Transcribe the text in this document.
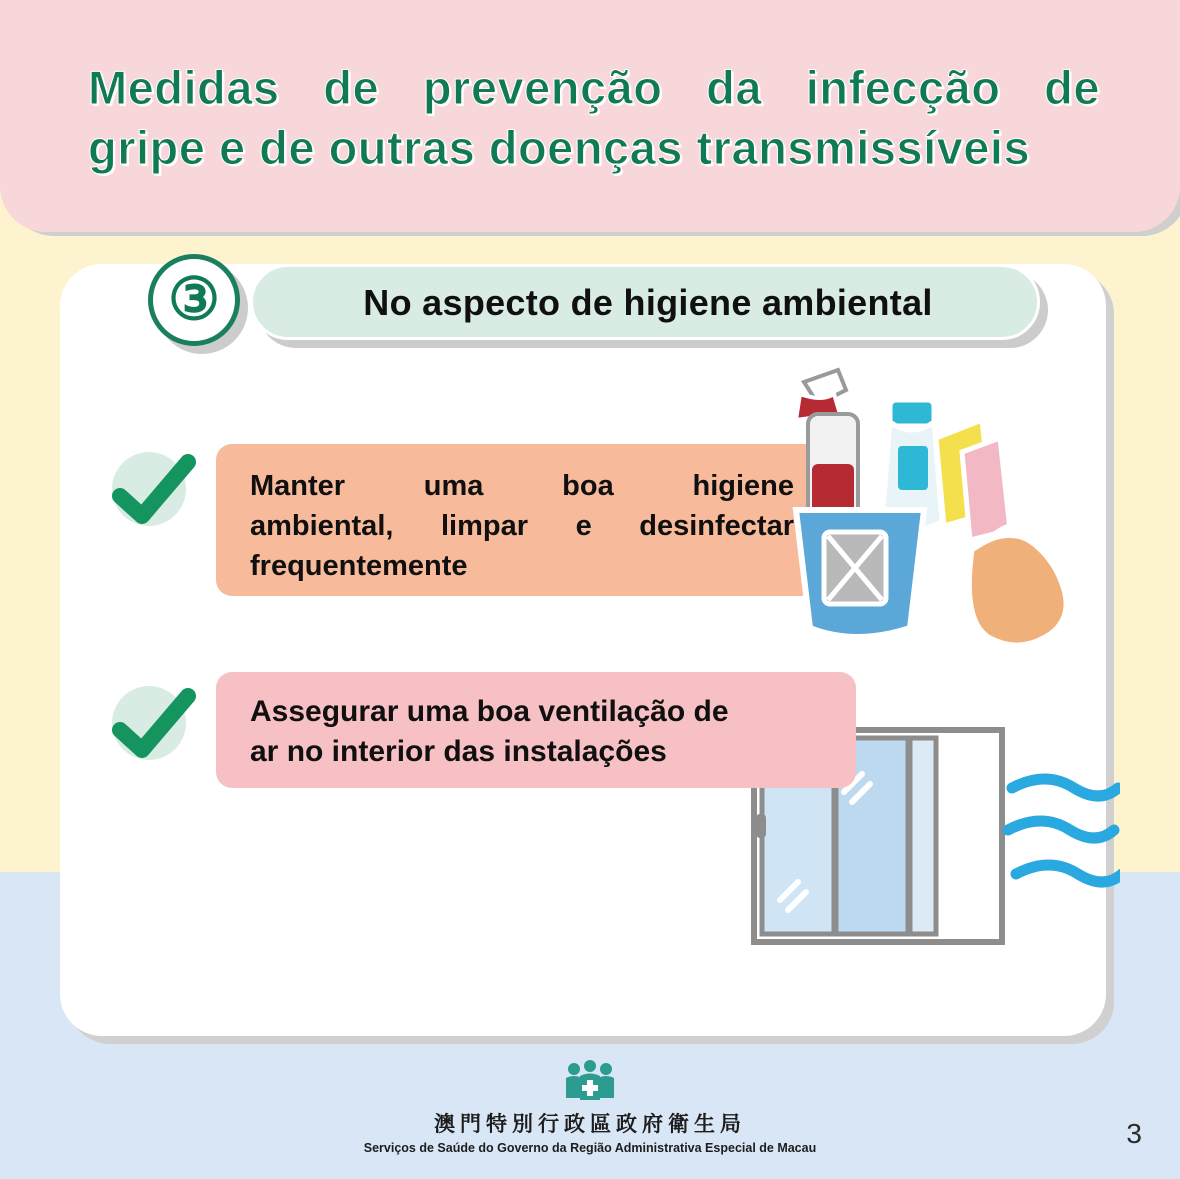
Medidas de prevenção da infecção de
gripe e de outras doenças transmissíveis
No aspecto de higiene ambiental
③
Manter uma boa higiene
ambiental, limpar e desinfectar
frequentemente
Assegurar uma boa ventilação de
ar no interior das instalações
澳門特別行政區政府衛生局
Serviços de Saúde do Governo da Região Administrativa Especial de Macau	3
